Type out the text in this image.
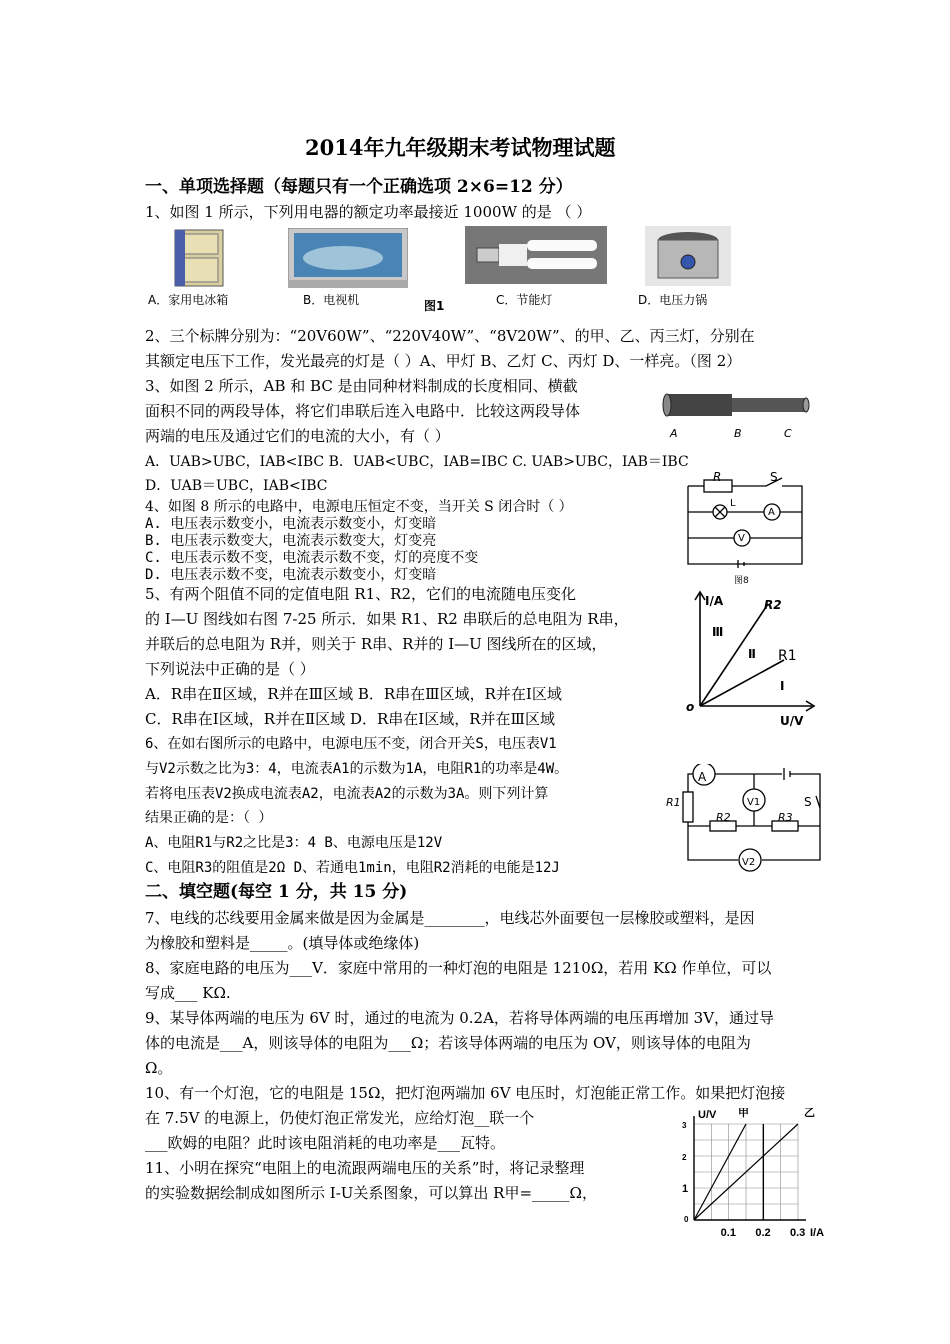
2014年九年级期末考试物理试题
一、单项选择题（每题只有一个正确选项 2×6=12 分）
1、如图 1 所示，下列用电器的额定功率最接近 1000W 的是 （ ）
A．家用电冰箱	B．电视机	图1	C．节能灯	D．电压力锅
2、三个标牌分别为：“20V60W”、“220V40W”、“8V20W”、的甲、乙、丙三灯，分别在
其额定电压下工作，发光最亮的灯是（ ）A、甲灯 B、乙灯 C、丙灯 D、一样亮。（图 2）
3、如图 2 所示，AB 和 BC 是由同种材料制成的长度相同、横截
面积不同的两段导体，将它们串联后连入电路中．比较这两段导体
两端的电压及通过它们的电流的大小，有（ ）
A．UAB>UBC，IAB<IBC B．UAB<UBC，IAB=IBC C. UAB>UBC，IAB＝IBC
D．UAB＝UBC，IAB<IBC
A	B	C
4、如图 8 所示的电路中，电源电压恒定不变，当开关 S 闭合时（ ）
A. 电压表示数变小，电流表示数变小，灯变暗
B. 电压表示数变大，电流表示数变大，灯变亮
C. 电压表示数不变，电流表示数不变，灯的亮度不变
D. 电压表示数不变，电流表示数变小，灯变暗
R	S
L
A
V
图8
5、有两个阻值不同的定值电阻 R1、R2，它们的电流随电压变化
的 I—U 图线如右图 7-25 所示．如果 R1、R2 串联后的总电阻为 R串，
并联后的总电阻为 R并，则关于 R串、R并的 I—U 图线所在的区域，
下列说法中正确的是（ ）
A．R串在Ⅱ区域，R并在Ⅲ区域 B．R串在Ⅲ区域，R并在Ⅰ区域
C．R串在Ⅰ区域，R并在Ⅱ区域 D．R串在Ⅰ区域，R并在Ⅲ区域
I/A	R2
Ⅲ
Ⅱ R1
Ⅰ
o
U/V
6、在如右图所示的电路中，电源电压不变，闭合开关S，电压表V1
与V2示数之比为3：4，电流表A1的示数为1A，电阻R1的功率是4W。
若将电压表V2换成电流表A2，电流表A2的示数为3A。则下列计算
结果正确的是：（ ）
A、电阻R1与R2之比是3：4 B、电源电压是12V
C、电阻R3的阻值是2Ω D、若通电1min，电阻R2消耗的电能是12J
A
V1
V2
R1
R2	R3
S
二、填空题(每空 1 分，共 15 分)
7、电线的芯线要用金属来做是因为金属是________，电线芯外面要包一层橡胶或塑料，是因
为橡胶和塑料是_____。(填导体或绝缘体)
8、家庭电路的电压为___V．家庭中常用的一种灯泡的电阻是 1210Ω，若用 KΩ 作单位，可以
写成___ KΩ.
9、某导体两端的电压为 6V 时，通过的电流为 0.2A，若将导体两端的电压再增加 3V，通过导
体的电流是___A，则该导体的电阻为___Ω；若该导体两端的电压为 OV，则该导体的电阻为
Ω。
10、有一个灯泡，它的电阻是 15Ω，把灯泡两端加 6V 电压时，灯泡能正常工作。如果把灯泡接
在 7.5V 的电源上，仍使灯泡正常发光，应给灯泡__联一个
___欧姆的电阻？此时该电阻消耗的电功率是___瓦特。
11、小明在探究“电阻上的电流跟两端电压的关系”时，将记录整理
的实验数据绘制成如图所示 I-U关系图象，可以算出 R甲=_____Ω，
U/V
I/A
0
0.1 0.2 0.3
1
2
3
甲	乙
